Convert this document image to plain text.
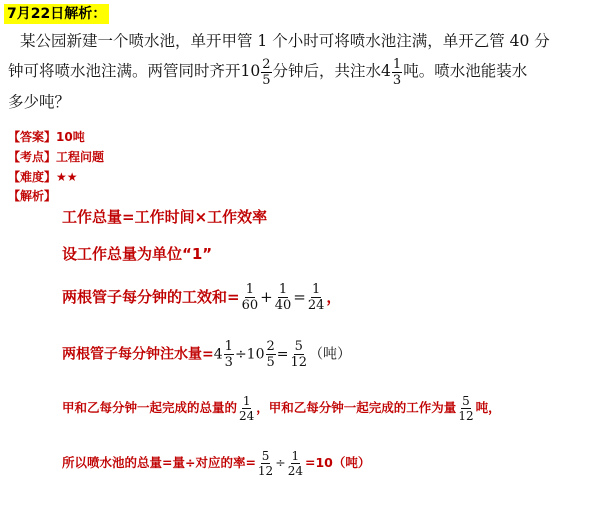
7月22日解析：
某公园新建一个喷水池，单开甲管 1 个小时可将喷水池注满，单开乙管 40 分
钟可将喷水池注满。两管同时齐开$10 \frac{2}{5}$ 分钟后，共注水$4 \frac{1}{3}$ 吨。喷水池能装水
多少吨？
【答案】10吨
【考点】工程问题
【难度】★★
【解析】
工作总量=工作时间×工作效率
设工作总量为单位“1”
两根管子每分钟的工效和= $\frac{1}{60} + \frac{1}{40} = \frac{1}{24}$ ，
两根管子每分钟注水量$=4 \frac{1}{3} \div 10 \frac{2}{5} = \frac{5}{12}$ （吨）
甲和乙每分钟一起完成的总量的 $\frac{1}{24}$ ，甲和乙每分钟一起完成的工作为量 $\frac{5}{12}$ 吨，
所以喷水池的总量=量÷对应的率= $\frac{5}{12} \div \frac{1}{24} =10$（吨）
